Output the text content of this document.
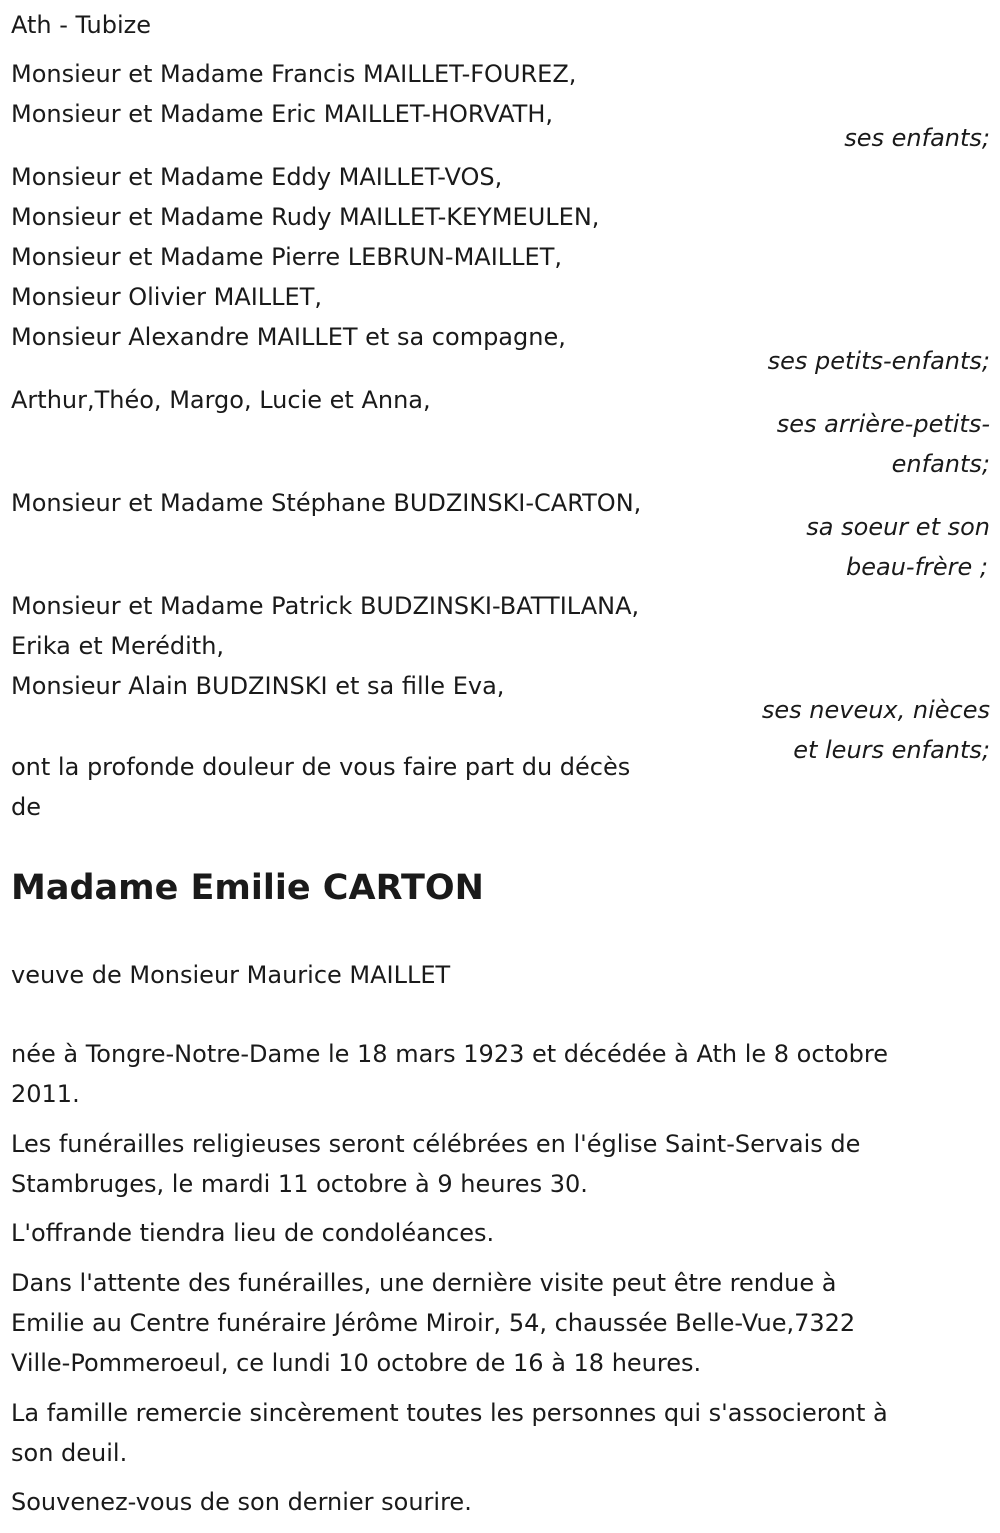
Ath - Tubize
Monsieur et Madame Francis MAILLET-FOUREZ,
Monsieur et Madame Eric MAILLET-HORVATH,
ses enfants;
Monsieur et Madame Eddy MAILLET-VOS,
Monsieur et Madame Rudy MAILLET-KEYMEULEN,
Monsieur et Madame Pierre LEBRUN-MAILLET,
Monsieur Olivier MAILLET,
Monsieur Alexandre MAILLET et sa compagne,
ses petits-enfants;
Arthur,Théo, Margo, Lucie et Anna,
ses arrière-petits-
enfants;
Monsieur et Madame Stéphane BUDZINSKI-CARTON,
sa soeur et son
beau-frère ;
Monsieur et Madame Patrick BUDZINSKI-BATTILANA,
Erika et Merédith,
Monsieur Alain BUDZINSKI et sa fille Eva,
ses neveux, nièces
et leurs enfants;
ont la profonde douleur de vous faire part du décès
de
Madame Emilie CARTON
veuve de Monsieur Maurice MAILLET
née à Tongre-Notre-Dame le 18 mars 1923 et décédée à Ath le 8 octobre
2011.
Les funérailles religieuses seront célébrées en l'église Saint-Servais de
Stambruges, le mardi 11 octobre à 9 heures 30.
L'offrande tiendra lieu de condoléances.
Dans l'attente des funérailles, une dernière visite peut être rendue à
Emilie au Centre funéraire Jérôme Miroir, 54, chaussée Belle-Vue,7322
Ville-Pommeroeul, ce lundi 10 octobre de 16 à 18 heures.
La famille remercie sincèrement toutes les personnes qui s'associeront à
son deuil.
Souvenez-vous de son dernier sourire.
